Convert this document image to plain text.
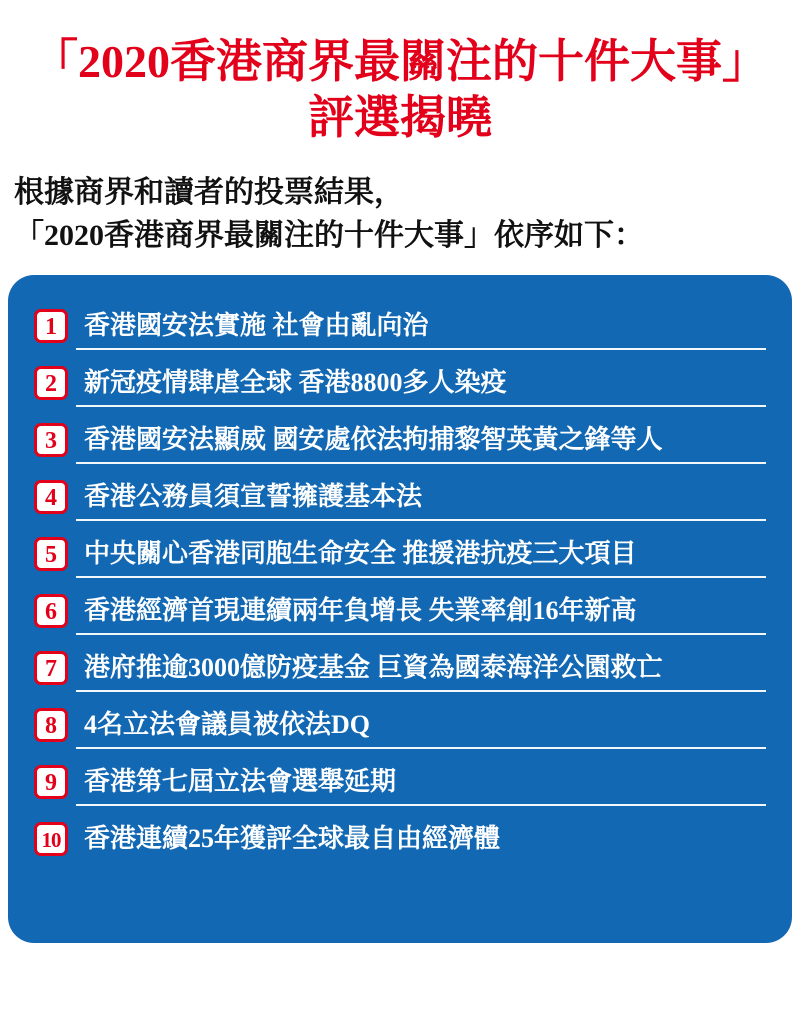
「2020香港商界最關注的十件大事」
評選揭曉
根據商界和讀者的投票結果，
「2020香港商界最關注的十件大事」依序如下：
1	香港國安法實施 社會由亂向治
2	新冠疫情肆虐全球 香港8800多人染疫
3	香港國安法顯威 國安處依法拘捕黎智英黃之鋒等人
4	香港公務員須宣誓擁護基本法
5	中央關心香港同胞生命安全 推援港抗疫三大項目
6	香港經濟首現連續兩年負增長 失業率創16年新高
7	港府推逾3000億防疫基金 巨資為國泰海洋公園救亡
8	4名立法會議員被依法DQ
9	香港第七屆立法會選舉延期
10 香港連續25年獲評全球最自由經濟體
